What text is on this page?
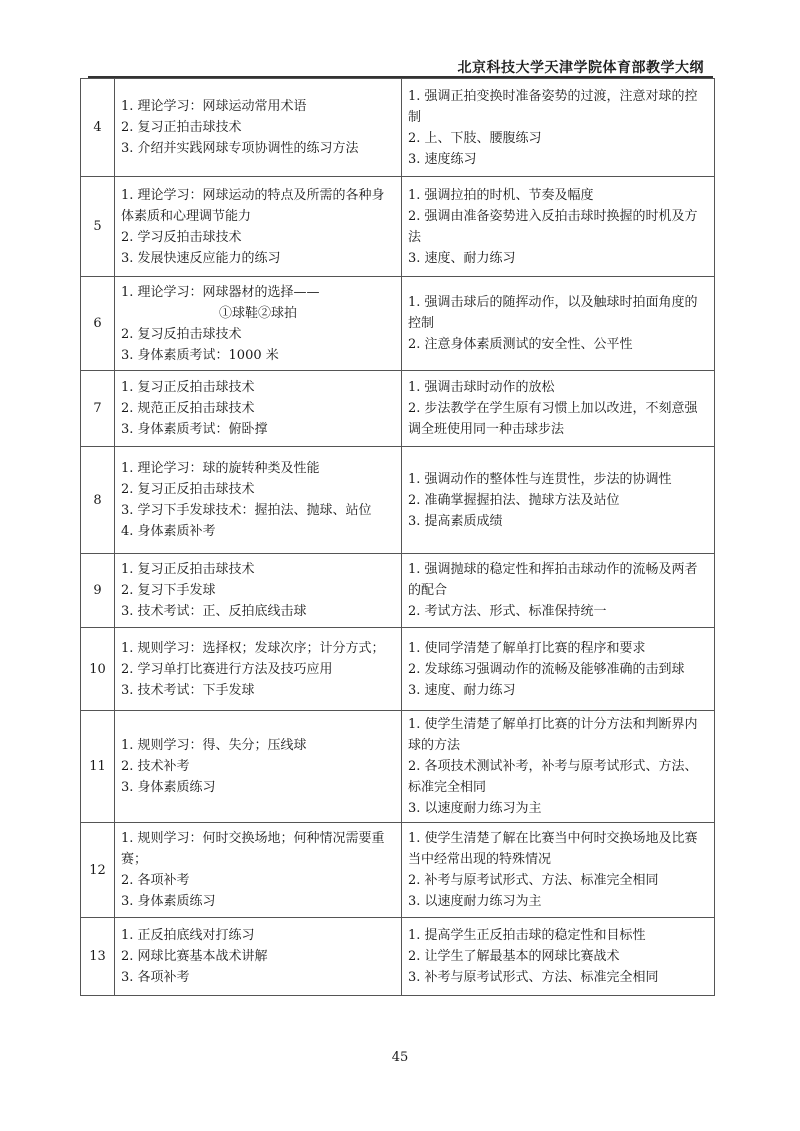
北京科技大学天津学院体育部教学大纲
4	1. 理论学习：网球运动常用术语
2. 复习正拍击球技术
3. 介绍并实践网球专项协调性的练习方法	1. 强调正拍变换时准备姿势的过渡，注意对球的控制
2. 上、下肢、腰腹练习
3. 速度练习

5	1. 理论学习：网球运动的特点及所需的各种身体素质和心理调节能力
2. 学习反拍击球技术
3. 发展快速反应能力的练习	1. 强调拉拍的时机、节奏及幅度
2. 强调由准备姿势进入反拍击球时换握的时机及方法
3. 速度、耐力练习

6	1. 理论学习：网球器材的选择——
①球鞋②球拍
2. 复习反拍击球技术
3. 身体素质考试：1000 米	1. 强调击球后的随挥动作，以及触球时拍面角度的控制
2. 注意身体素质测试的安全性、公平性

7	1. 复习正反拍击球技术
2. 规范正反拍击球技术
3. 身体素质考试：俯卧撑	1. 强调击球时动作的放松
2. 步法教学在学生原有习惯上加以改进，不刻意强调全班使用同一种击球步法

8	1. 理论学习：球的旋转种类及性能
2. 复习正反拍击球技术
3. 学习下手发球技术：握拍法、抛球、站位
4. 身体素质补考	1. 强调动作的整体性与连贯性，步法的协调性
2. 准确掌握握拍法、抛球方法及站位
3. 提高素质成绩

9	1. 复习正反拍击球技术
2. 复习下手发球
3. 技术考试：正、反拍底线击球	1. 强调抛球的稳定性和挥拍击球动作的流畅及两者的配合
2. 考试方法、形式、标准保持统一

10	1. 规则学习：选择权；发球次序；计分方式；
2. 学习单打比赛进行方法及技巧应用
3. 技术考试：下手发球	1. 使同学清楚了解单打比赛的程序和要求
2. 发球练习强调动作的流畅及能够准确的击到球
3. 速度、耐力练习

11	1. 规则学习：得、失分；压线球
2. 技术补考
3. 身体素质练习	1. 使学生清楚了解单打比赛的计分方法和判断界内球的方法
2. 各项技术测试补考，补考与原考试形式、方法、标准完全相同
3. 以速度耐力练习为主

12	1. 规则学习：何时交换场地；何种情况需要重赛；
2. 各项补考
3. 身体素质练习	1. 使学生清楚了解在比赛当中何时交换场地及比赛当中经常出现的特殊情况
2. 补考与原考试形式、方法、标准完全相同
3. 以速度耐力练习为主

13	1. 正反拍底线对打练习
2. 网球比赛基本战术讲解
3. 各项补考	1. 提高学生正反拍击球的稳定性和目标性
2. 让学生了解最基本的网球比赛战术
3. 补考与原考试形式、方法、标准完全相同
45
